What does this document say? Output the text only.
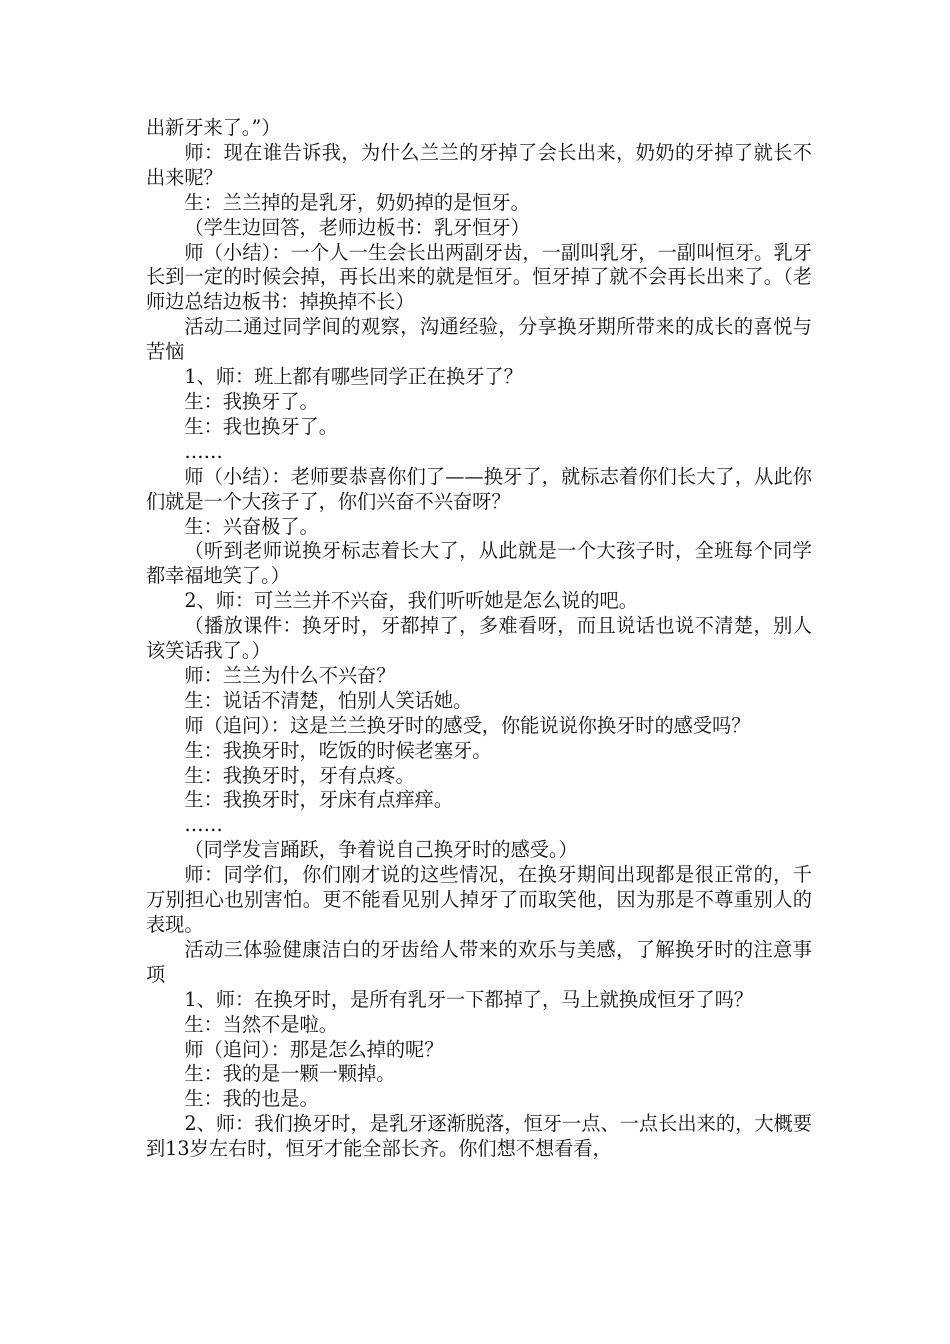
出新牙来了。”）

师：现在谁告诉我，为什么兰兰的牙掉了会长出来，奶奶的牙掉了就长不出来呢？

生：兰兰掉的是乳牙，奶奶掉的是恒牙。

（学生边回答，老师边板书：乳牙恒牙）

师（小结）：一个人一生会长出两副牙齿，一副叫乳牙，一副叫恒牙。乳牙长到一定的时候会掉，再长出来的就是恒牙。恒牙掉了就不会再长出来了。（老师边总结边板书：掉换掉不长）

活动二通过同学间的观察，沟通经验，分享换牙期所带来的成长的喜悦与苦恼

1、师：班上都有哪些同学正在换牙了？

生：我换牙了。

生：我也换牙了。

……

师（小结）：老师要恭喜你们了——换牙了，就标志着你们长大了，从此你们就是一个大孩子了，你们兴奋不兴奋呀？

生：兴奋极了。

（听到老师说换牙标志着长大了，从此就是一个大孩子时，全班每个同学都幸福地笑了。）

2、师：可兰兰并不兴奋，我们听听她是怎么说的吧。

（播放课件：换牙时，牙都掉了，多难看呀，而且说话也说不清楚，别人该笑话我了。）

师：兰兰为什么不兴奋？

生：说话不清楚，怕别人笑话她。

师（追问）：这是兰兰换牙时的感受，你能说说你换牙时的感受吗？

生：我换牙时，吃饭的时候老塞牙。

生：我换牙时，牙有点疼。

生：我换牙时，牙床有点痒痒。

……

（同学发言踊跃，争着说自己换牙时的感受。）

师：同学们，你们刚才说的这些情况，在换牙期间出现都是很正常的，千万别担心也别害怕。更不能看见别人掉牙了而取笑他，因为那是不尊重别人的表现。

活动三体验健康洁白的牙齿给人带来的欢乐与美感，了解换牙时的注意事项

1、师：在换牙时，是所有乳牙一下都掉了，马上就换成恒牙了吗？

生：当然不是啦。

师（追问）：那是怎么掉的呢？

生：我的是一颗一颗掉。

生：我的也是。

2、师：我们换牙时，是乳牙逐渐脱落，恒牙一点、一点长出来的，大概要到13岁左右时，恒牙才能全部长齐。你们想不想看看，
